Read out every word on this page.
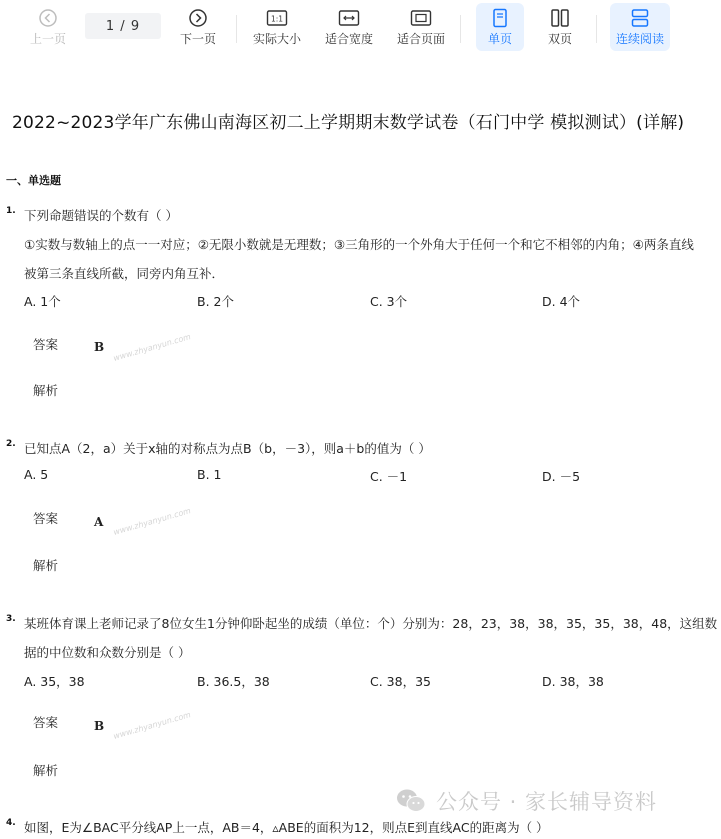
上一页
1 / 9
下一页
1:1
实际大小 适合宽度 适合页面	单页	双页	连续阅读
2022~2023学年广东佛山南海区初二上学期期末数学试卷（石门中学 模拟测试）(详解)
一、单选题
1. 下列命题错误的个数有（ ）
①实数与数轴上的点一一对应；②无限小数就是无理数；③三角形的一个外角大于任何一个和它不相邻的内角；④两条直线
被第三条直线所截，同旁内角互补．
A. 1个	B. 2个	C. 3个	D. 4个
答案	B www.zhyanyun.com
解析
2. 已知点A（2，a）关于x轴的对称点为点B（b，－3），则a＋b的值为（ ）
A. 5	B. 1	C. －1	D. －5
答案	A www.zhyanyun.com
解析
3. 某班体育课上老师记录了8位女生1分钟仰卧起坐的成绩（单位：个）分别为：28，23，38，38，35，35，38，48，这组数
据的中位数和众数分别是（ ）
A. 35，38	B. 36.5，38	C. 38，35	D. 38，38
答案	B www.zhyanyun.com
解析
4. 如图，E为∠BAC平分线AP上一点，AB＝4，▵ABE的面积为12，则点E到直线AC的距离为（ ）
公众号 · 家长辅导资料
